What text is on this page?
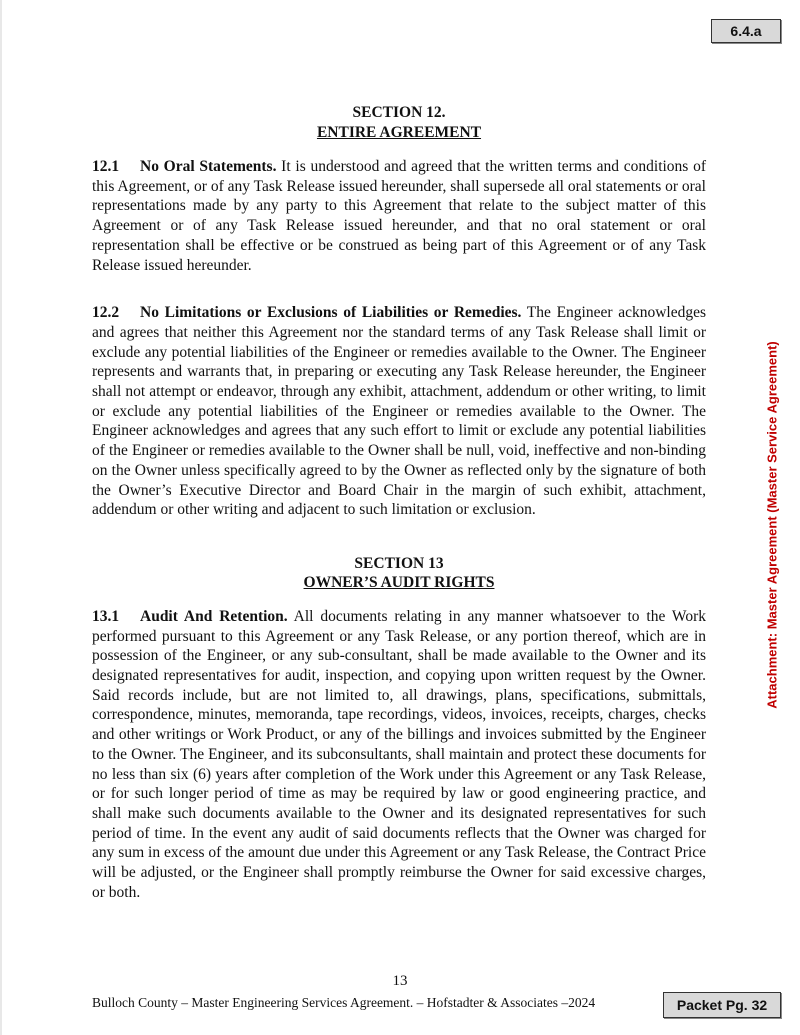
6.4.a
SECTION 12.
ENTIRE AGREEMENT

12.1 No Oral Statements. It is understood and agreed that the written terms and conditions of this Agreement, or of any Task Release issued hereunder, shall supersede all oral statements or oral representations made by any party to this Agreement that relate to the subject matter of this Agreement or of any Task Release issued hereunder, and that no oral statement or oral representation shall be effective or be construed as being part of this Agreement or of any Task Release issued hereunder.

12.2 No Limitations or Exclusions of Liabilities or Remedies. The Engineer acknowledges and agrees that neither this Agreement nor the standard terms of any Task Release shall limit or exclude any potential liabilities of the Engineer or remedies available to the Owner. The Engineer represents and warrants that, in preparing or executing any Task Release hereunder, the Engineer shall not attempt or endeavor, through any exhibit, attachment, addendum or other writing, to limit or exclude any potential liabilities of the Engineer or remedies available to the Owner. The Engineer acknowledges and agrees that any such effort to limit or exclude any potential liabilities of the Engineer or remedies available to the Owner shall be null, void, ineffective and non-binding on the Owner unless specifically agreed to by the Owner as reflected only by the signature of both the Owner’s Executive Director and Board Chair in the margin of such exhibit, attachment, addendum or other writing and adjacent to such limitation or exclusion.

SECTION 13
OWNER’S AUDIT RIGHTS

13.1 Audit And Retention. All documents relating in any manner whatsoever to the Work performed pursuant to this Agreement or any Task Release, or any portion thereof, which are in possession of the Engineer, or any sub-consultant, shall be made available to the Owner and its designated representatives for audit, inspection, and copying upon written request by the Owner. Said records include, but are not limited to, all drawings, plans, specifications, submittals, correspondence, minutes, memoranda, tape recordings, videos, invoices, receipts, charges, checks and other writings or Work Product, or any of the billings and invoices submitted by the Engineer to the Owner. The Engineer, and its subconsultants, shall maintain and protect these documents for no less than six (6) years after completion of the Work under this Agreement or any Task Release, or for such longer period of time as may be required by law or good engineering practice, and shall make such documents available to the Owner and its designated representatives for such period of time. In the event any audit of said documents reflects that the Owner was charged for any sum in excess of the amount due under this Agreement or any Task Release, the Contract Price will be adjusted, or the Engineer shall promptly reimburse the Owner for said excessive charges, or both.

Attachment: Master Agreement (Master Service Agreement)
13
Bulloch County – Master Engineering Services Agreement. – Hofstadter & Associates –2024	Packet Pg. 32
